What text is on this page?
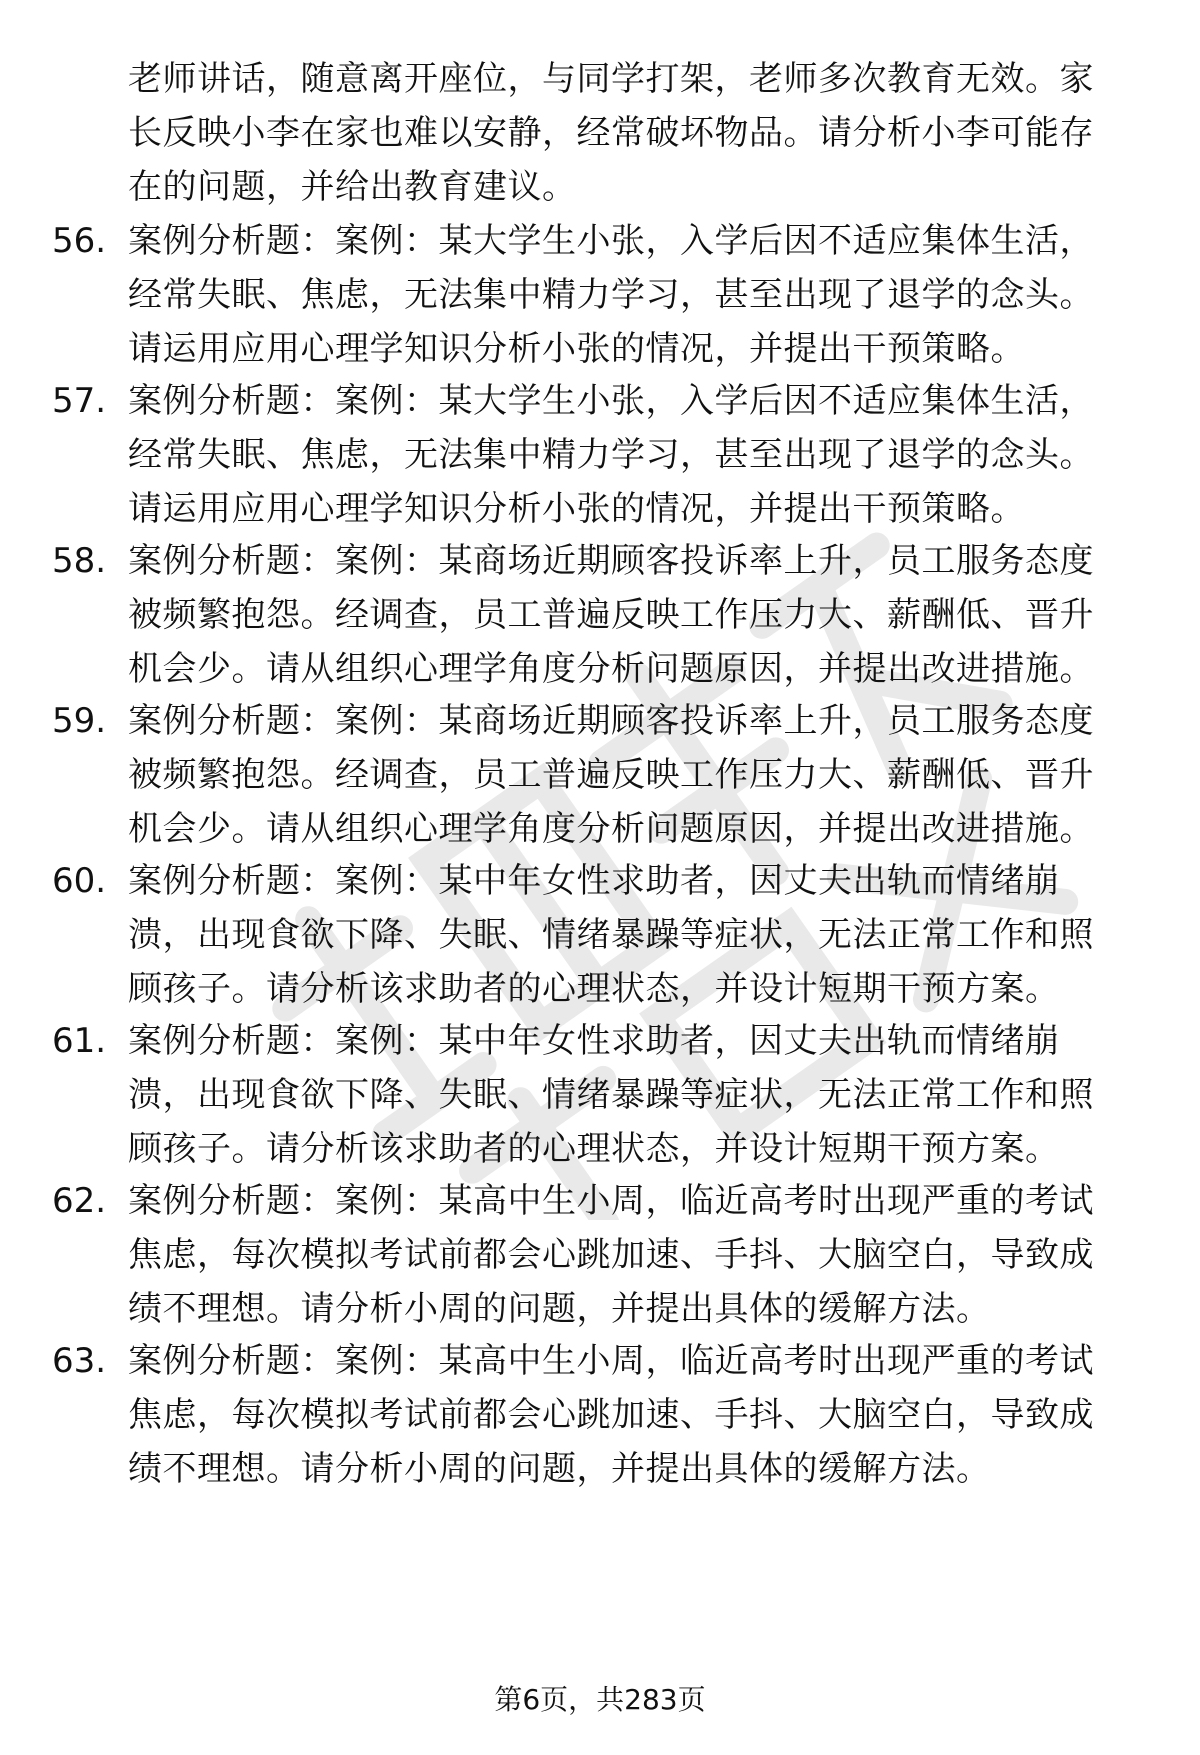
老师讲话，随意离开座位，与同学打架，老师多次教育无效。家
长反映小李在家也难以安静，经常破坏物品。请分析小李可能存
在的问题，并给出教育建议。
56. 案例分析题：案例：某大学生小张，入学后因不适应集体生活，
经常失眠、焦虑，无法集中精力学习，甚至出现了退学的念头。
请运用应用心理学知识分析小张的情况，并提出干预策略。
57. 案例分析题：案例：某大学生小张，入学后因不适应集体生活，
经常失眠、焦虑，无法集中精力学习，甚至出现了退学的念头。
请运用应用心理学知识分析小张的情况，并提出干预策略。
58. 案例分析题：案例：某商场近期顾客投诉率上升，员工服务态度
被频繁抱怨。经调查，员工普遍反映工作压力大、薪酬低、晋升
机会少。请从组织心理学角度分析问题原因，并提出改进措施。
59. 案例分析题：案例：某商场近期顾客投诉率上升，员工服务态度
被频繁抱怨。经调查，员工普遍反映工作压力大、薪酬低、晋升
机会少。请从组织心理学角度分析问题原因，并提出改进措施。
60. 案例分析题：案例：某中年女性求助者，因丈夫出轨而情绪崩
溃，出现食欲下降、失眠、情绪暴躁等症状，无法正常工作和照
顾孩子。请分析该求助者的心理状态，并设计短期干预方案。
61. 案例分析题：案例：某中年女性求助者，因丈夫出轨而情绪崩
溃，出现食欲下降、失眠、情绪暴躁等症状，无法正常工作和照
顾孩子。请分析该求助者的心理状态，并设计短期干预方案。
62. 案例分析题：案例：某高中生小周，临近高考时出现严重的考试
焦虑，每次模拟考试前都会心跳加速、手抖、大脑空白，导致成
绩不理想。请分析小周的问题，并提出具体的缓解方法。
63. 案例分析题：案例：某高中生小周，临近高考时出现严重的考试
焦虑，每次模拟考试前都会心跳加速、手抖、大脑空白，导致成
绩不理想。请分析小周的问题，并提出具体的缓解方法。
第6页，共283页
